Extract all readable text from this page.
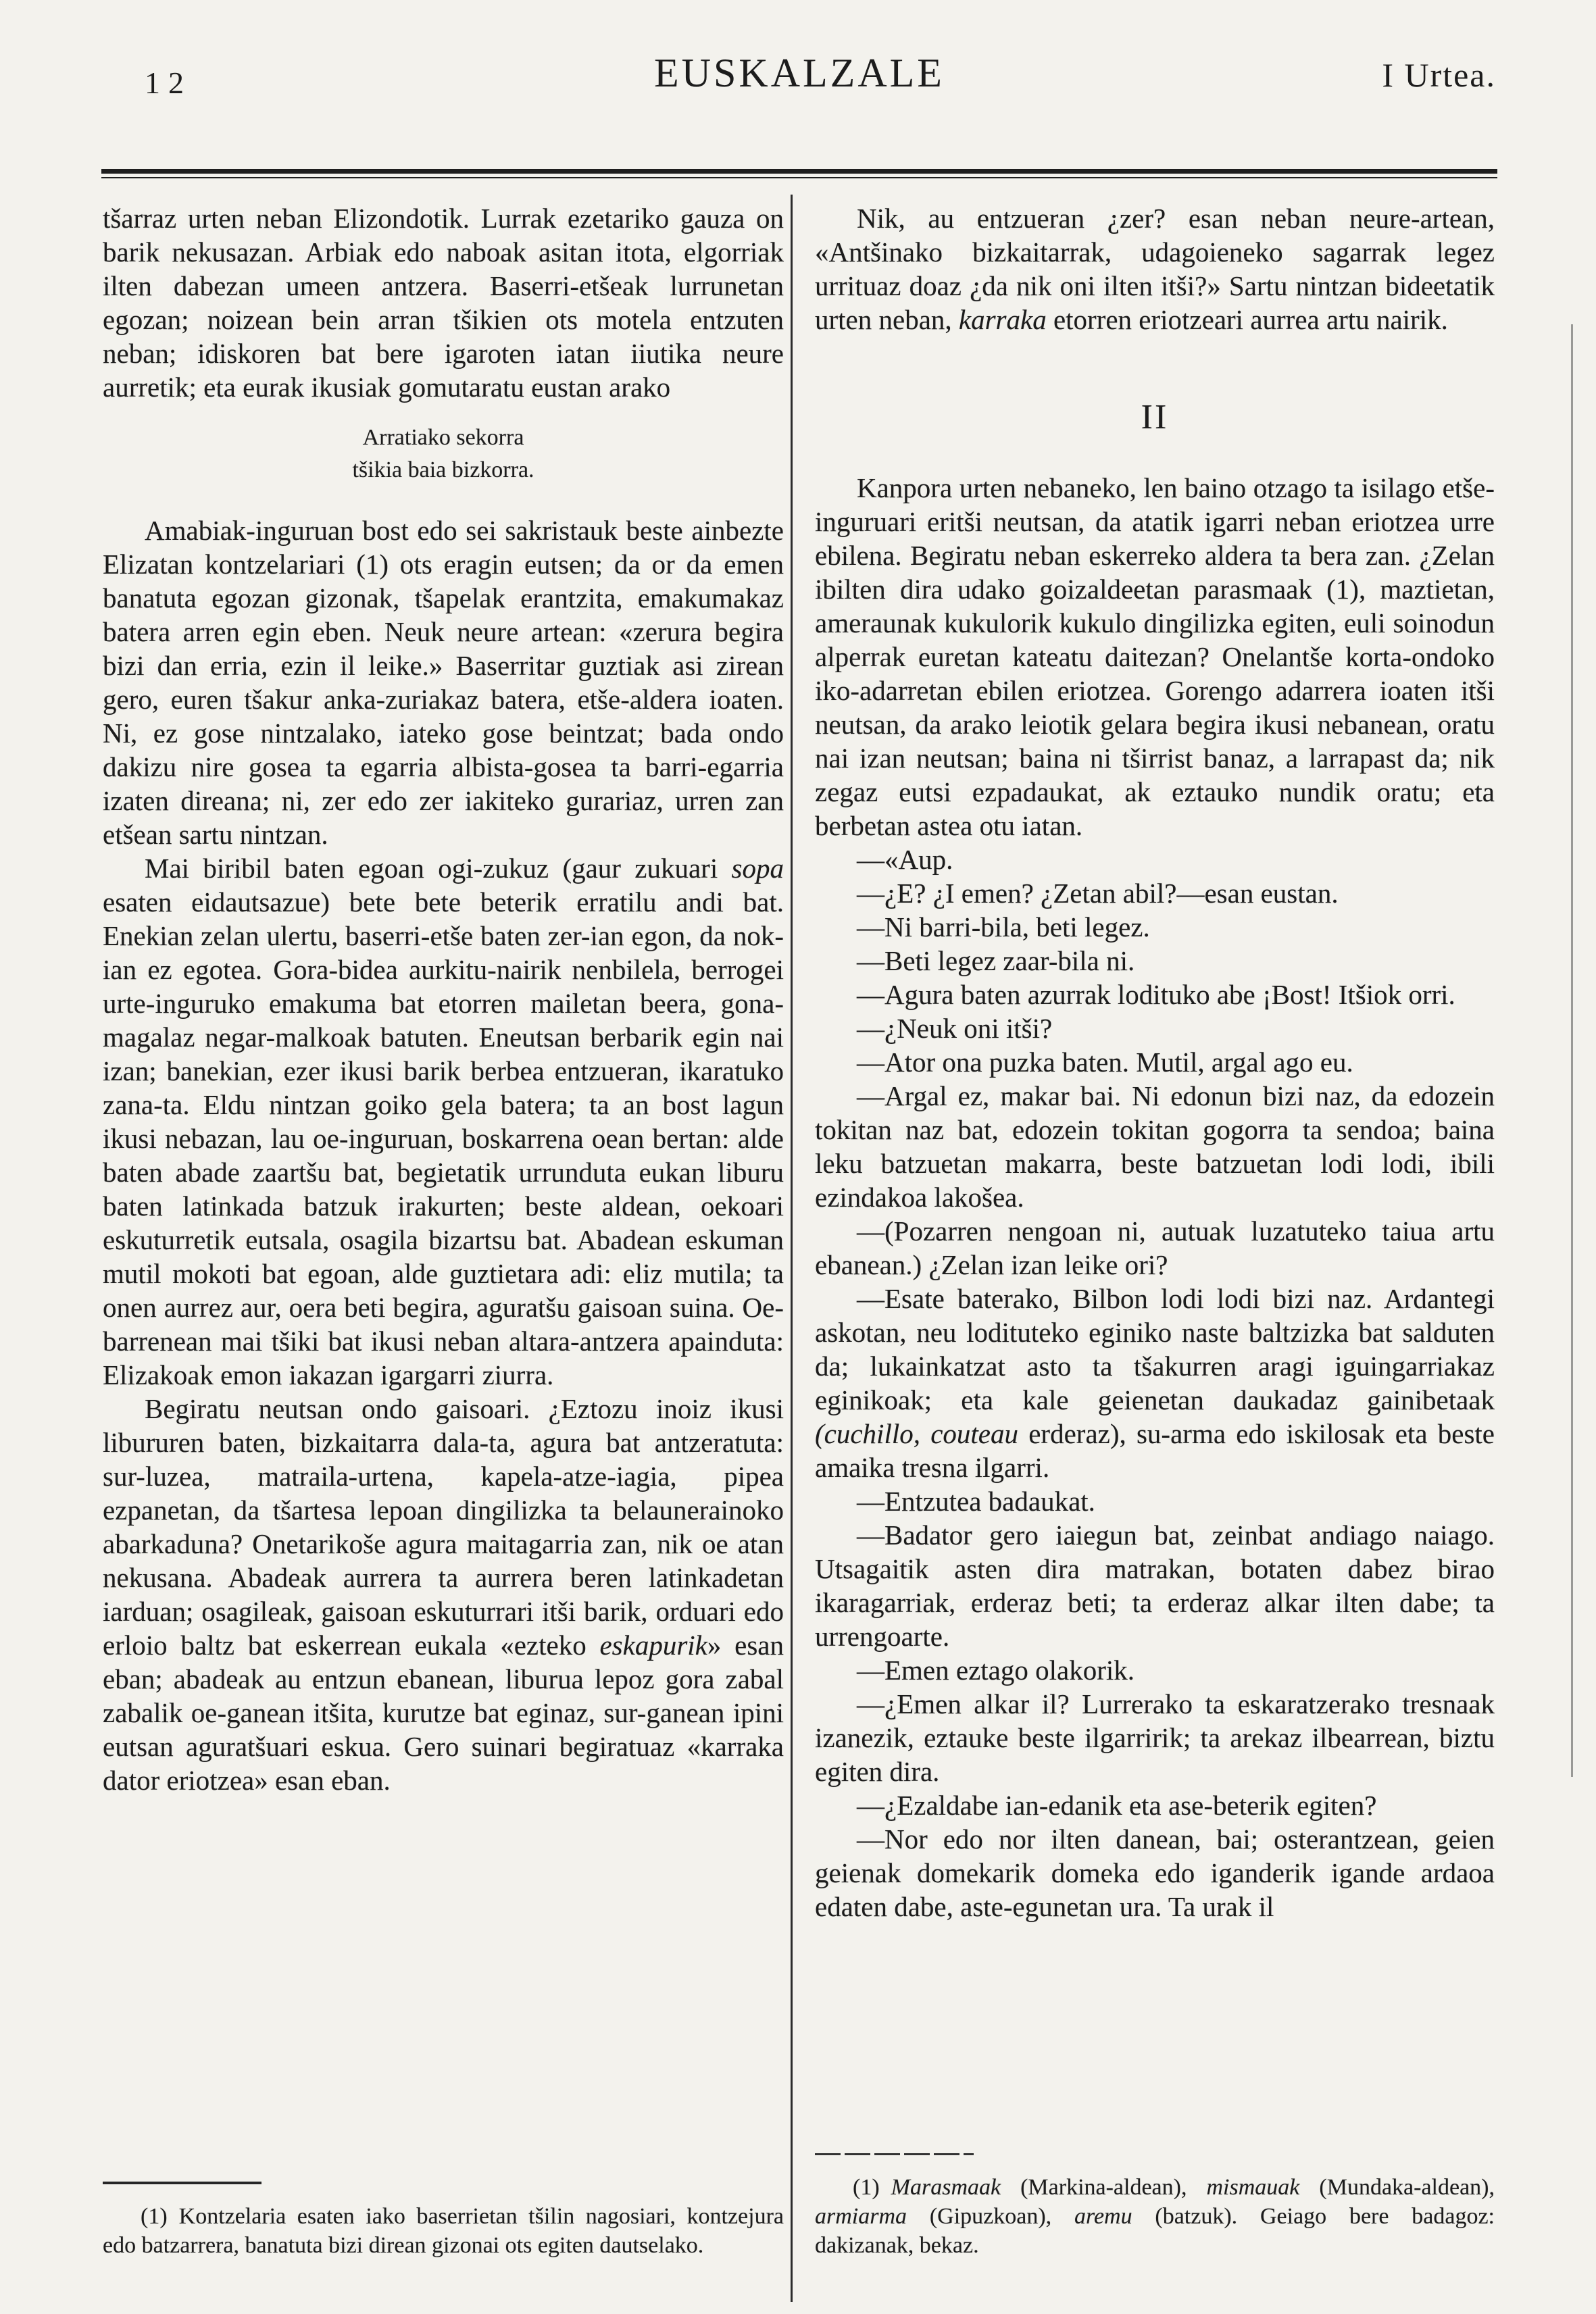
12	EUSKALZALE	I Urtea.

tšarraz urten neban Elizondotik. Lurrak ezetariko gauza on barik nekusazan. Arbiak edo naboak asitan itota, elgorriak ilten dabezan umeen antzera. Baserri-etšeak lurrunetan egozan; noizean bein arran tšikien ots motela entzuten neban; idiskoren bat bere igaroten iatan iiutika neure aurretik; eta eurak ikusiak gomutaratu eustan arako

Arratiako sekorra
tšikia baia bizkorra.

Amabiak-inguruan bost edo sei sakristauk beste ainbezte Elizatan kontzelariari (1) ots eragin eutsen; da or da emen banatuta egozan gizonak, tšapelak erantzita, emakumakaz batera arren egin eben. Neuk neure artean: «zerura begira bizi dan erria, ezin il leike.» Baserritar guztiak asi zirean gero, euren tšakur anka-zuriakaz batera, etše-aldera ioaten. Ni, ez gose nintzalako, iateko gose beintzat; bada ondo dakizu nire gosea ta egarria albista-gosea ta barri-egarria izaten direana; ni, zer edo zer iakiteko gurariaz, urren zan etšean sartu nintzan.

Mai biribil baten egoan ogi-zukuz (gaur zukuari sopa esaten eidautsazue) bete bete beterik erratilu andi bat. Enekian zelan ulertu, baserri-etše baten zer-ian egon, da nok-ian ez egotea. Gora-bidea aurkitu-nairik nenbilela, berrogei urte-inguruko emakuma bat etorren mailetan beera, gona-magalaz negar-malkoak batuten. Eneutsan berbarik egin nai izan; banekian, ezer ikusi barik berbea entzueran, ikaratuko zana-ta. Eldu nintzan goiko gela batera; ta an bost lagun ikusi nebazan, lau oe-inguruan, boskarrena oean bertan: alde baten abade zaartšu bat, begietatik urrunduta eukan liburu baten latinkada batzuk irakurten; beste aldean, oekoari eskuturretik eutsala, osagila bizartsu bat. Abadean eskuman mutil mokoti bat egoan, alde guztietara adi: eliz mutila; ta onen aurrez aur, oera beti begira, aguratšu gaisoan suina. Oe-barrenean mai tšiki bat ikusi neban altara-antzera apainduta: Elizakoak emon iakazan igargarri ziurra.

Begiratu neutsan ondo gaisoari. ¿Eztozu inoiz ikusi libururen baten, bizkaitarra dala-ta, agura bat antzeratuta: sur-luzea, matraila-urtena, kapela-atze-iagia, pipea ezpanetan, da tšartesa lepoan dingilizka ta belaunerainoko abarkaduna? Onetarikoše agura maitagarria zan, nik oe atan nekusana. Abadeak aurrera ta aurrera beren latinkadetan iarduan; osagileak, gaisoan eskuturrari itši barik, orduari edo erloio baltz bat eskerrean eukala «ezteko eskapurik» esan eban; abadeak au entzun ebanean, liburua lepoz gora zabal zabalik oe-ganean itšita, kurutze bat eginaz, sur-ganean ipini eutsan aguratšuari eskua. Gero suinari begiratuaz «karraka dator eriotzea» esan eban.

(1) Kontzelaria esaten iako baserrietan tšilin nagosiari, kontzejura edo batzarrera, banatuta bizi direan gizonai ots egiten dautselako.

Nik, au entzueran ¿zer? esan neban neure-artean, «Antšinako bizkaitarrak, udagoieneko sagarrak legez urrituaz doaz ¿da nik oni ilten itši?» Sartu nintzan bideetatik urten neban, karraka etorren eriotzeari aurrea artu nairik.

II

Kanpora urten nebaneko, len baino otzago ta isilago etše-inguruari eritši neutsan, da atatik igarri neban eriotzea urre ebilena. Begiratu neban eskerreko aldera ta bera zan. ¿Zelan ibilten dira udako goizaldeetan parasmaak (1), maztietan, ameraunak kukulorik kukulo dingilizka egiten, euli soinodun alperrak euretan kateatu daitezan? Onelantše korta-ondoko iko-adarretan ebilen eriotzea. Gorengo adarrera ioaten itši neutsan, da arako leiotik gelara begira ikusi nebanean, oratu nai izan neutsan; baina ni tširrist banaz, a larrapast da; nik zegaz eutsi ezpadaukat, ak eztauko nundik oratu; eta berbetan astea otu iatan.

—«Aup.

—¿E? ¿I emen? ¿Zetan abil?—esan eustan.

—Ni barri-bila, beti legez.

—Beti legez zaar-bila ni.

—Agura baten azurrak lodituko abe ¡Bost! Itšiok orri.

—¿Neuk oni itši?

—Ator ona puzka baten. Mutil, argal ago eu.

—Argal ez, makar bai. Ni edonun bizi naz, da edozein tokitan naz bat, edozein tokitan gogorra ta sendoa; baina leku batzuetan makarra, beste batzuetan lodi lodi, ibili ezindakoa lakošea.

—(Pozarren nengoan ni, autuak luzatuteko taiua artu ebanean.) ¿Zelan izan leike ori?

—Esate baterako, Bilbon lodi lodi bizi naz. Ardantegi askotan, neu lodituteko eginiko naste baltzizka bat salduten da; lukainkatzat asto ta tšakurren aragi iguingarriakaz eginikoak; eta kale geienetan daukadaz gainibetaak (cuchillo, couteau erderaz), su-arma edo iskilosak eta beste amaika tresna ilgarri.

—Entzutea badaukat.

—Badator gero iaiegun bat, zeinbat andiago naiago. Utsagaitik asten dira matrakan, botaten dabez birao ikaragarriak, erderaz beti; ta erderaz alkar ilten dabe; ta urrengoarte.

—Emen eztago olakorik.

—¿Emen alkar il? Lurrerako ta eskaratzerako tresnaak izanezik, eztauke beste ilgarririk; ta arekaz ilbearrean, biztu egiten dira.

—¿Ezaldabe ian-edanik eta ase-beterik egiten?

—Nor edo nor ilten danean, bai; osterantzean, geien geienak domekarik domeka edo iganderik igande ardaoa edaten dabe, aste-egunetan ura. Ta urak il

(1) Marasmaak (Markina-aldean), mismauak (Mundaka-aldean), armiarma (Gipuzkoan), aremu (batzuk). Geiago bere badagoz: dakizanak, bekaz.
